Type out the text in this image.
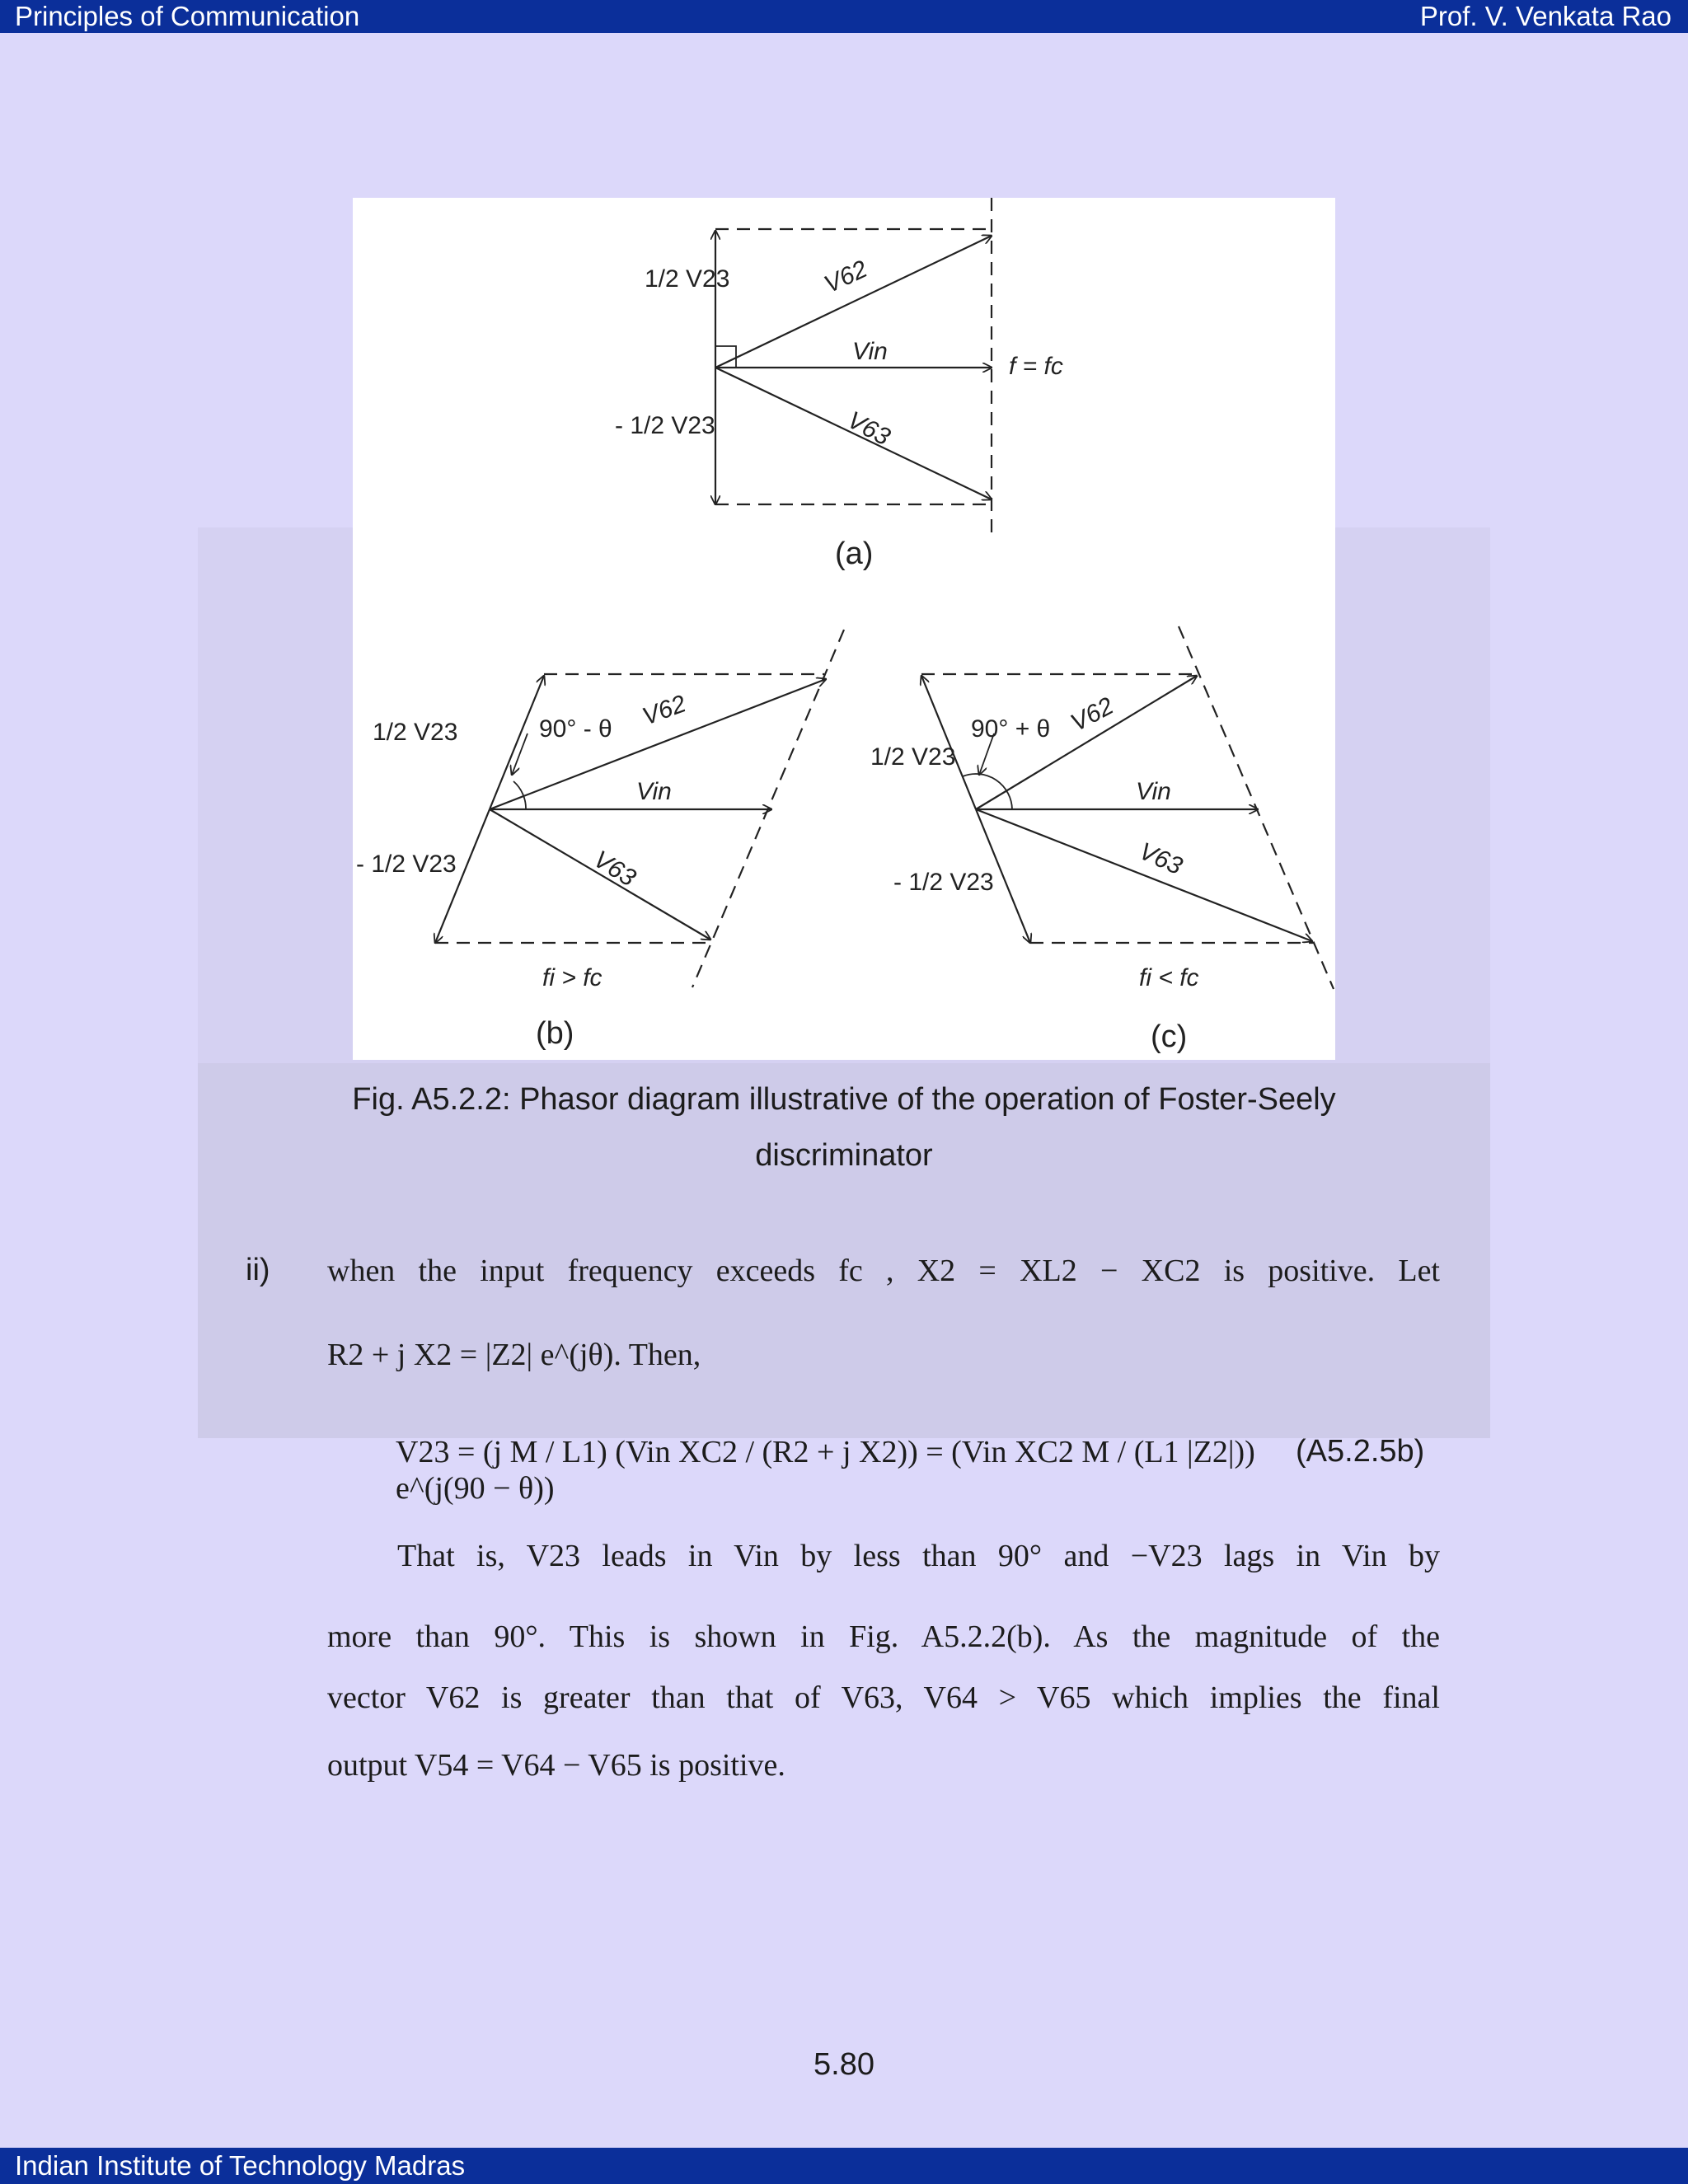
Principles of Communication	Prof. V. Venkata Rao
1/2 V23
- 1/2 V23
V62
Vin
V63
f = fc
(a)
1/2 V23
- 1/2 V23
90° - θ V62
Vin
V63
fi > fc
(b)
1/2 V23
- 1/2 V23
90° + θ V62
Vin
V63
fi < fc
(c)
Fig. A5.2.2: Phasor diagram illustrative of the operation of Foster-Seely
discriminator
ii) when the input frequency exceeds fc , X2 = XL2 − XC2 is positive. Let
R2 + j X2 = |Z2| e^(jθ). Then,
V23 = (j M / L1) (Vin XC2 / (R2 + j X2)) = (Vin XC2 M / (L1 |Z2|)) e^(j(90 − θ))
(A5.2.5b)
That is, V23 leads in Vin by less than 90° and −V23 lags in Vin by
more than 90°. This is shown in Fig. A5.2.2(b). As the magnitude of the
vector V62 is greater than that of V63, V64 > V65 which implies the final
output V54 = V64 − V65 is positive.
5.80
Indian Institute of Technology Madras
